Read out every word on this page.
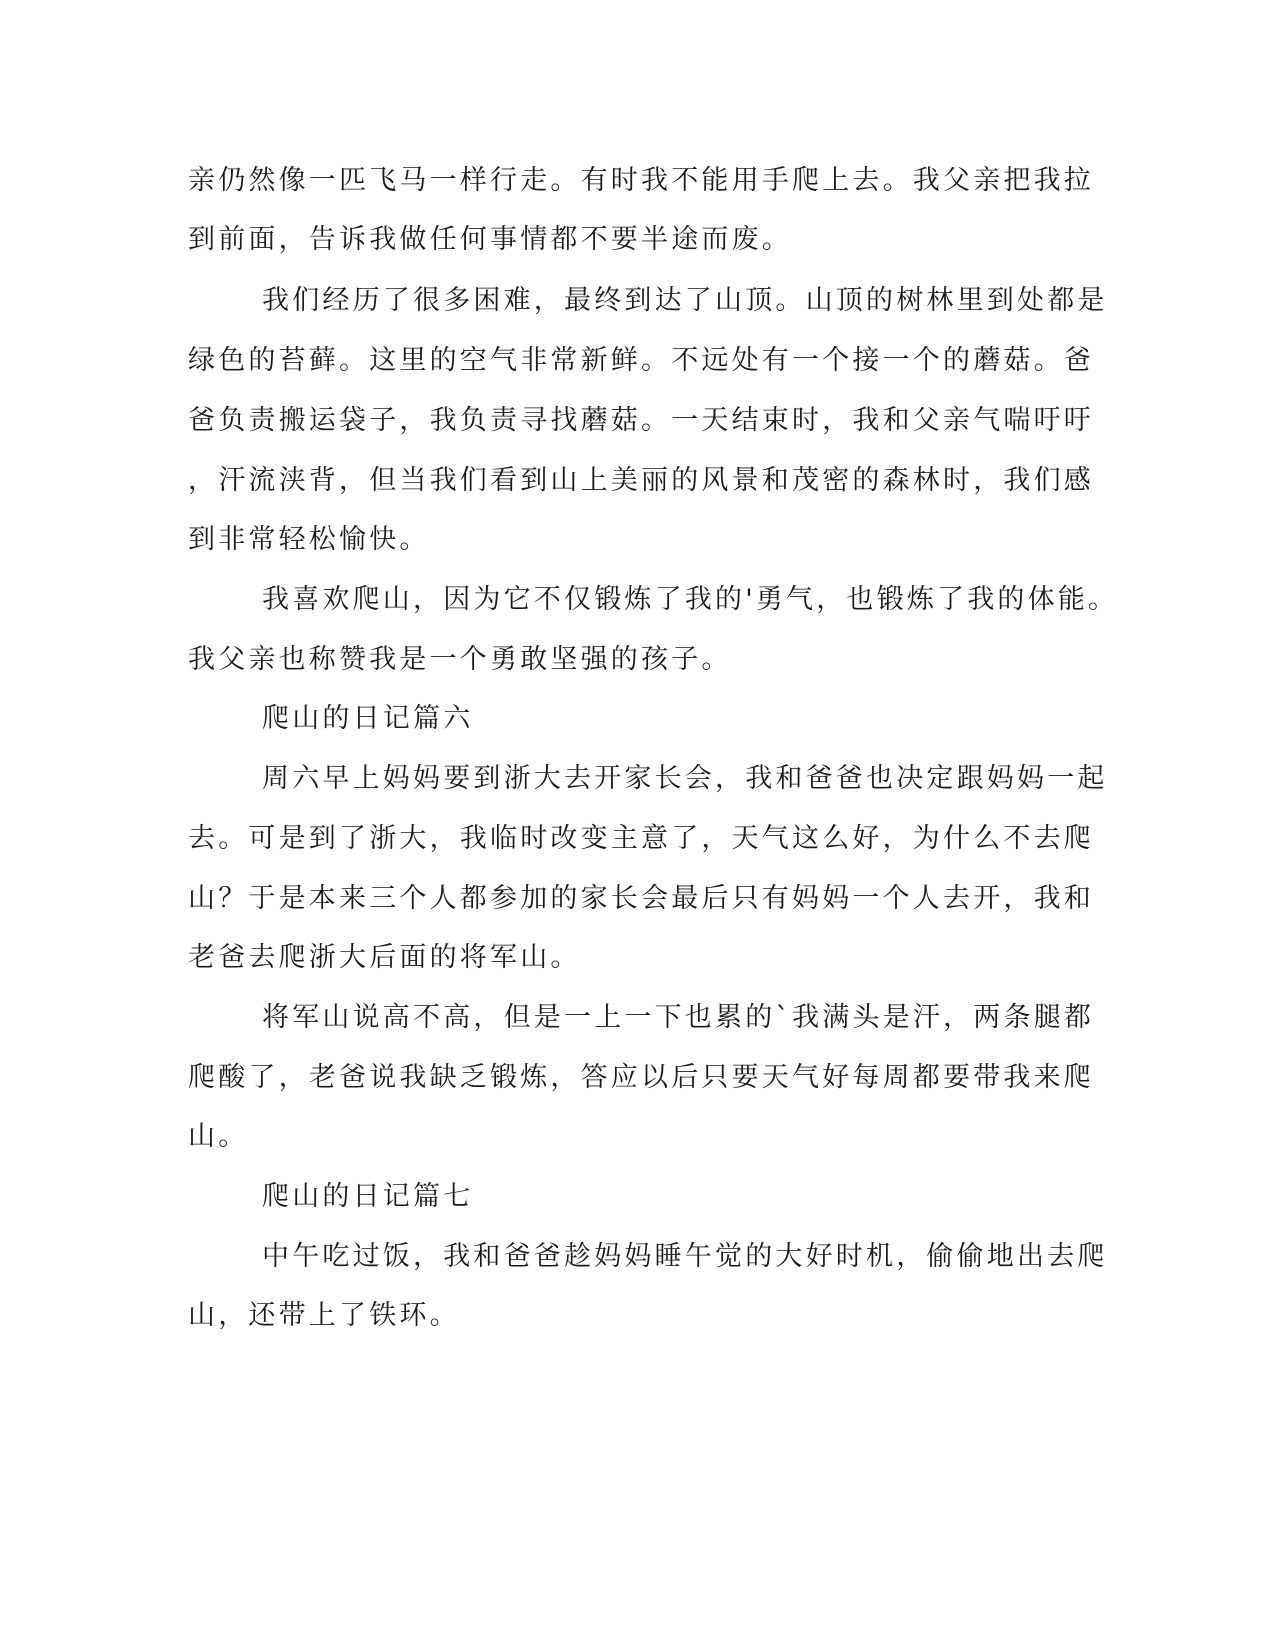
亲仍然像一匹飞马一样行走。有时我不能用手爬上去。我父亲把我拉
到前面，告诉我做任何事情都不要半途而废。
我们经历了很多困难，最终到达了山顶。山顶的树林里到处都是
绿色的苔藓。这里的空气非常新鲜。不远处有一个接一个的蘑菇。爸
爸负责搬运袋子，我负责寻找蘑菇。一天结束时，我和父亲气喘吁吁
，汗流浃背，但当我们看到山上美丽的风景和茂密的森林时，我们感
到非常轻松愉快。
我喜欢爬山，因为它不仅锻炼了我的'勇气，也锻炼了我的体能。
我父亲也称赞我是一个勇敢坚强的孩子。
爬山的日记篇六
周六早上妈妈要到浙大去开家长会，我和爸爸也决定跟妈妈一起
去。可是到了浙大，我临时改变主意了，天气这么好，为什么不去爬
山？于是本来三个人都参加的家长会最后只有妈妈一个人去开，我和
老爸去爬浙大后面的将军山。
将军山说高不高，但是一上一下也累的`我满头是汗，两条腿都
爬酸了，老爸说我缺乏锻炼，答应以后只要天气好每周都要带我来爬
山。
爬山的日记篇七
中午吃过饭，我和爸爸趁妈妈睡午觉的大好时机，偷偷地出去爬
山，还带上了铁环。
